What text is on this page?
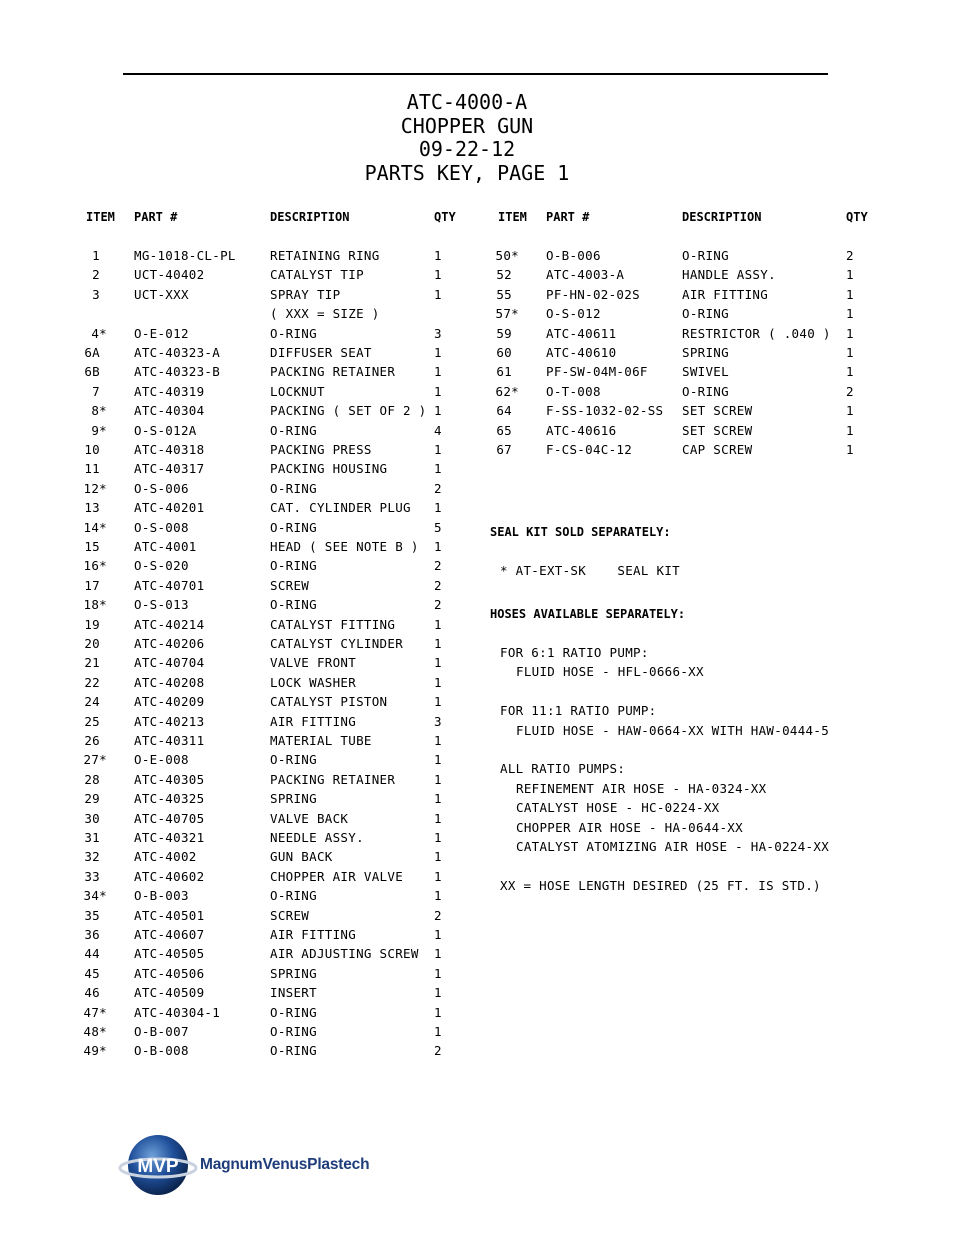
ATC-4000-A
CHOPPER GUN
09-22-12
PARTS KEY, PAGE 1
ITEM PART #	DESCRIPTION	QTY	ITEM PART #	DESCRIPTION	QTY
1	MG-1018-CL-PL	RETAINING RING	1
2	UCT-40402	CATALYST TIP	1
3	UCT-XXX	SPRAY TIP	1
( XXX = SIZE )
4* O-E-012	O-RING	3
6A	ATC-40323-A	DIFFUSER SEAT	1
6B	ATC-40323-B	PACKING RETAINER	1
7	ATC-40319	LOCKNUT	1
8* ATC-40304	PACKING ( SET OF 2 ) 1
9* O-S-012A	O-RING	4
10	ATC-40318	PACKING PRESS	1
11	ATC-40317	PACKING HOUSING	1
12* O-S-006	O-RING	2
13	ATC-40201	CAT. CYLINDER PLUG 1
14* O-S-008	O-RING	5
15	ATC-4001	HEAD ( SEE NOTE B ) 1
16* O-S-020	O-RING	2
17	ATC-40701	SCREW	2
18* O-S-013	O-RING	2
19	ATC-40214	CATALYST FITTING	1
20	ATC-40206	CATALYST CYLINDER 1
21	ATC-40704	VALVE FRONT	1
22	ATC-40208	LOCK WASHER	1
24	ATC-40209	CATALYST PISTON	1
25	ATC-40213	AIR FITTING	3
26	ATC-40311	MATERIAL TUBE	1
27* O-E-008	O-RING	1
28	ATC-40305	PACKING RETAINER	1
29	ATC-40325	SPRING	1
30	ATC-40705	VALVE BACK	1
31	ATC-40321	NEEDLE ASSY.	1
32	ATC-4002	GUN BACK	1
33	ATC-40602	CHOPPER AIR VALVE 1
34* O-B-003	O-RING	1
35	ATC-40501	SCREW	2
36	ATC-40607	AIR FITTING	1
44	ATC-40505	AIR ADJUSTING SCREW 1
45	ATC-40506	SPRING	1
46	ATC-40509	INSERT	1
47* ATC-40304-1	O-RING	1
48* O-B-007	O-RING	1
49* O-B-008	O-RING	2
50* O-B-006	O-RING	2
52	ATC-4003-A	HANDLE ASSY.	1
55	PF-HN-02-02S	AIR FITTING	1
57* O-S-012	O-RING	1
59	ATC-40611	RESTRICTOR ( .040 ) 1
60	ATC-40610	SPRING	1
61	PF-SW-04M-06F	SWIVEL	1
62* O-T-008	O-RING	2
64	F-SS-1032-02-SS SET SCREW	1
65	ATC-40616	SET SCREW	1
67	F-CS-04C-12	CAP SCREW	1
SEAL KIT SOLD SEPARATELY:
* AT-EXT-SK    SEAL KIT
HOSES AVAILABLE SEPARATELY:
FOR 6:1 RATIO PUMP:
FLUID HOSE - HFL-0666-XX
FOR 11:1 RATIO PUMP:
FLUID HOSE - HAW-0664-XX WITH HAW-0444-5
ALL RATIO PUMPS:
REFINEMENT AIR HOSE - HA-0324-XX
CATALYST HOSE - HC-0224-XX
CHOPPER AIR HOSE - HA-0644-XX
CATALYST ATOMIZING AIR HOSE - HA-0224-XX
XX = HOSE LENGTH DESIRED (25 FT. IS STD.)
MVP MagnumVenusPlastech
